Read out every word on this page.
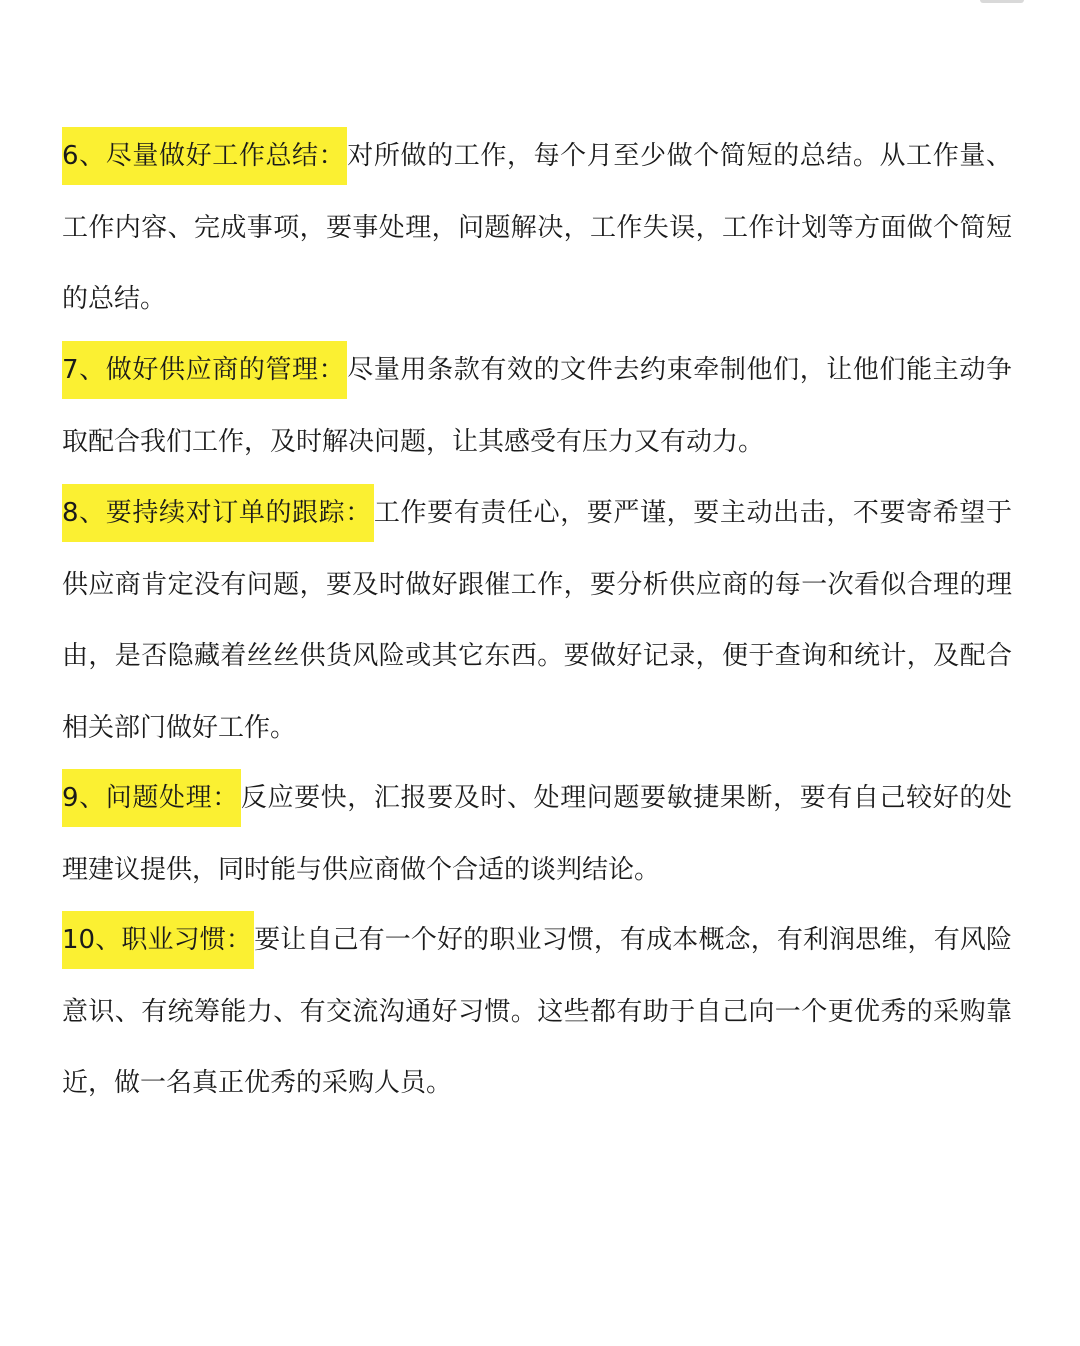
6、尽量做好工作总结：对所做的工作，每个月至少做个简短的总结。从工作量、工作内容、完成事项，要事处理，问题解决，工作失误，工作计划等方面做个简短的总结。

7、做好供应商的管理：尽量用条款有效的文件去约束牵制他们，让他们能主动争取配合我们工作，及时解决问题，让其感受有压力又有动力。

8、要持续对订单的跟踪：工作要有责任心，要严谨，要主动出击，不要寄希望于供应商肯定没有问题，要及时做好跟催工作，要分析供应商的每一次看似合理的理由，是否隐藏着丝丝供货风险或其它东西。要做好记录，便于查询和统计，及配合相关部门做好工作。

9、问题处理：反应要快，汇报要及时、处理问题要敏捷果断，要有自己较好的处理建议提供，同时能与供应商做个合适的谈判结论。

10、职业习惯：要让自己有一个好的职业习惯，有成本概念，有利润思维，有风险意识、有统筹能力、有交流沟通好习惯。这些都有助于自己向一个更优秀的采购靠近，做一名真正优秀的采购人员。
